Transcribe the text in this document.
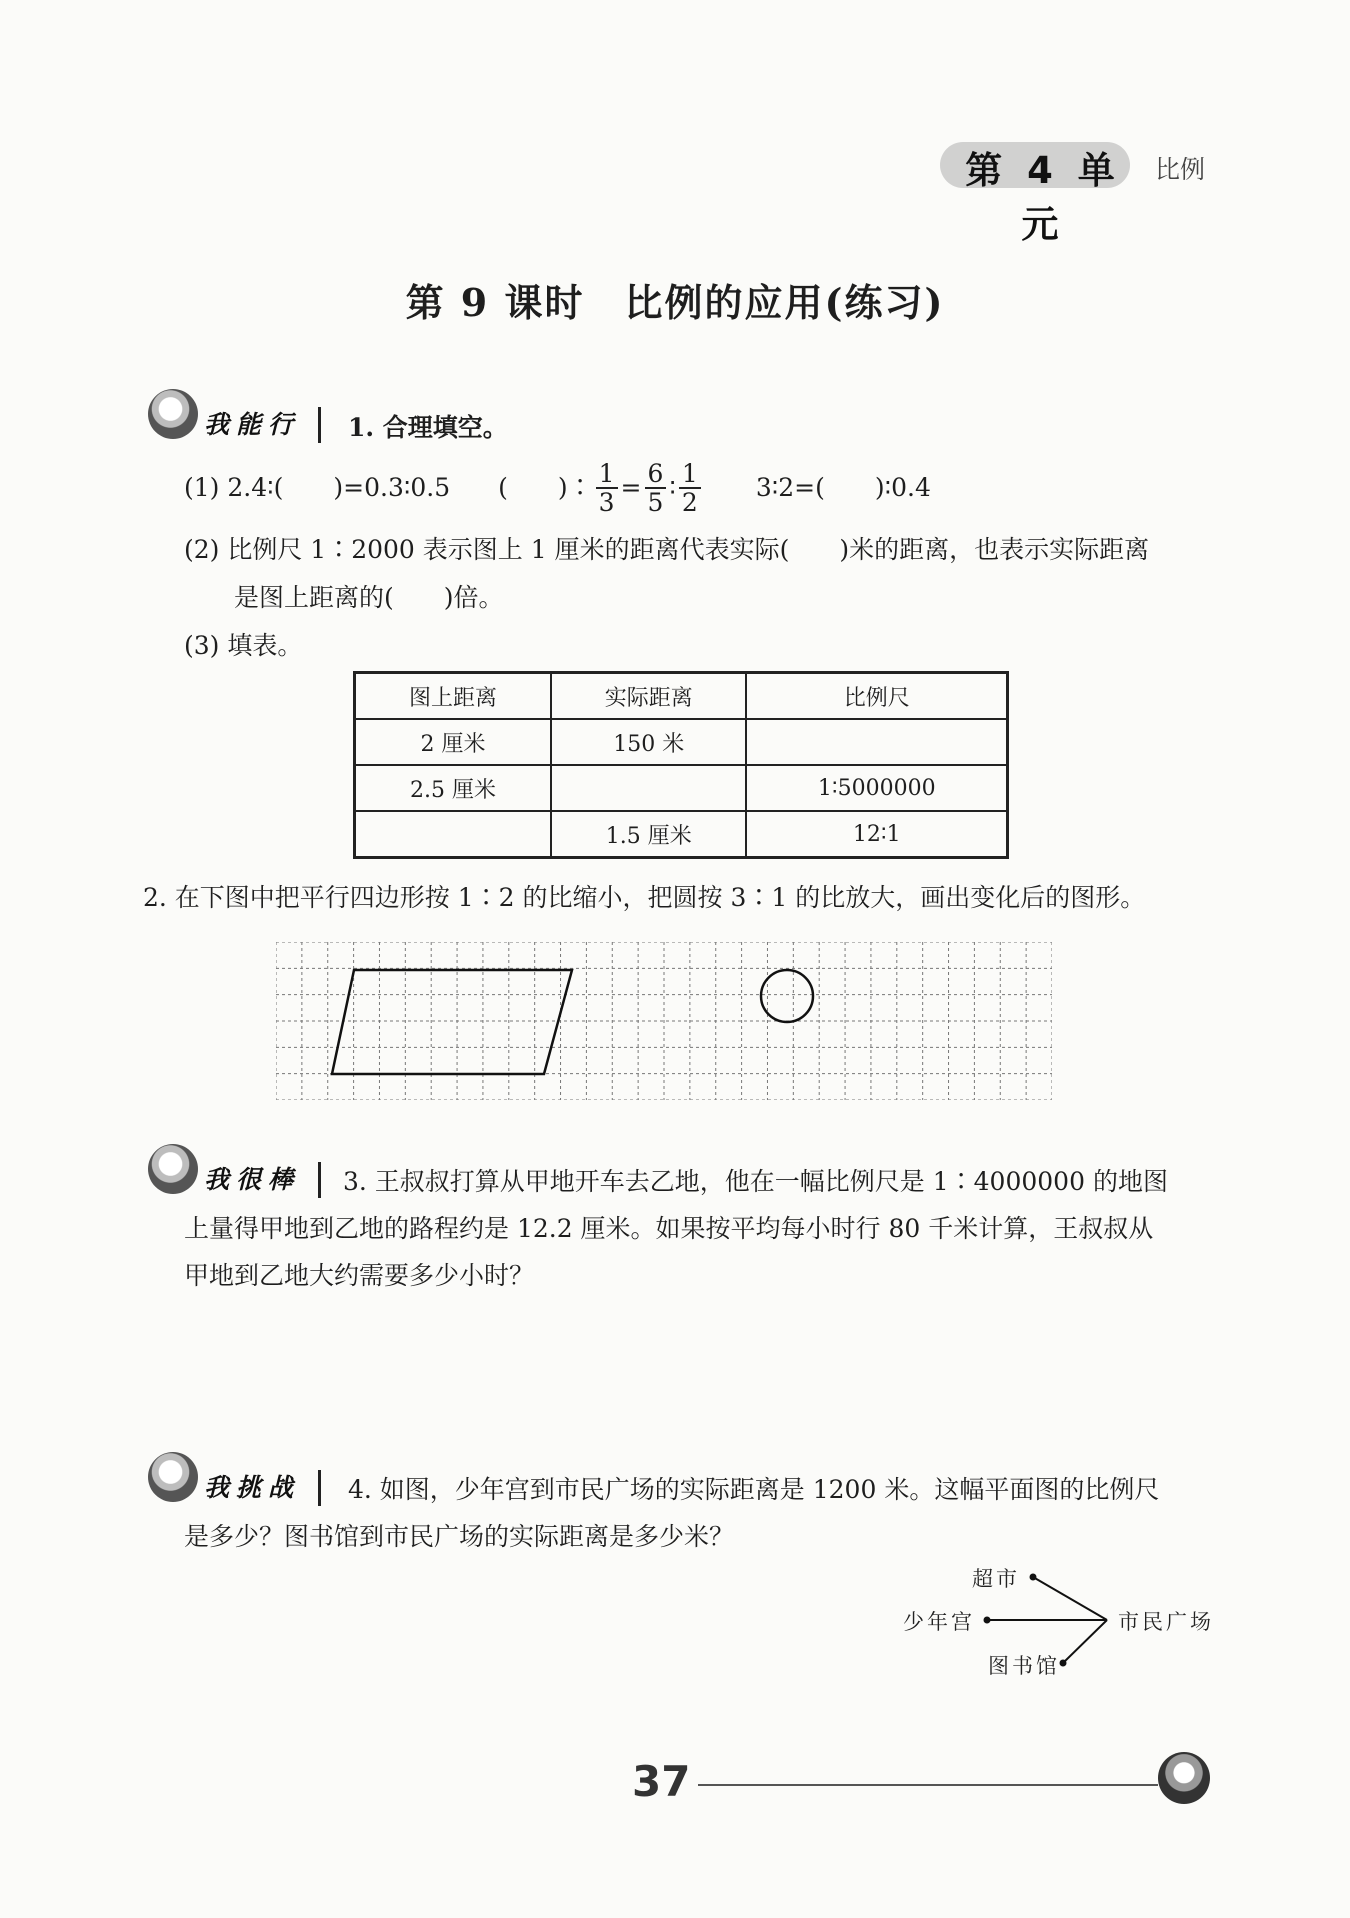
第 4 单元
比例
第 9 课时　比例的应用(练习)
我能行 1. 合理填空。
(1)
2.4∶(　　)=0.3∶0.5 (　　)∶ $\frac{1}{3} = \frac{6}{5}$ ∶ $\frac{1}{2}$ 3∶2=(　　)∶0.4
(2) 比例尺 1∶2000 表示图上 1 厘米的距离代表实际(　　)米的距离，也表示实际距离
是图上距离的(　　)倍。
(3) 填表。
图上距离	实际距离	比例尺
2 厘米	150 米	
2.5 厘米		1∶5000000
	1.5 厘米	12∶1
2. 在下图中把平行四边形按 1∶2 的比缩小，把圆按 3∶1 的比放大，画出变化后的图形。
我很棒 3. 王叔叔打算从甲地开车去乙地，他在一幅比例尺是 1∶4000000 的地图
上量得甲地到乙地的路程约是 12.2 厘米。如果按平均每小时行 80 千米计算，王叔叔从
甲地到乙地大约需要多少小时？
我挑战 4. 如图，少年宫到市民广场的实际距离是 1200 米。这幅平面图的比例尺
是多少？图书馆到市民广场的实际距离是多少米？
超市
少年宫	市民广场
图书馆
37
